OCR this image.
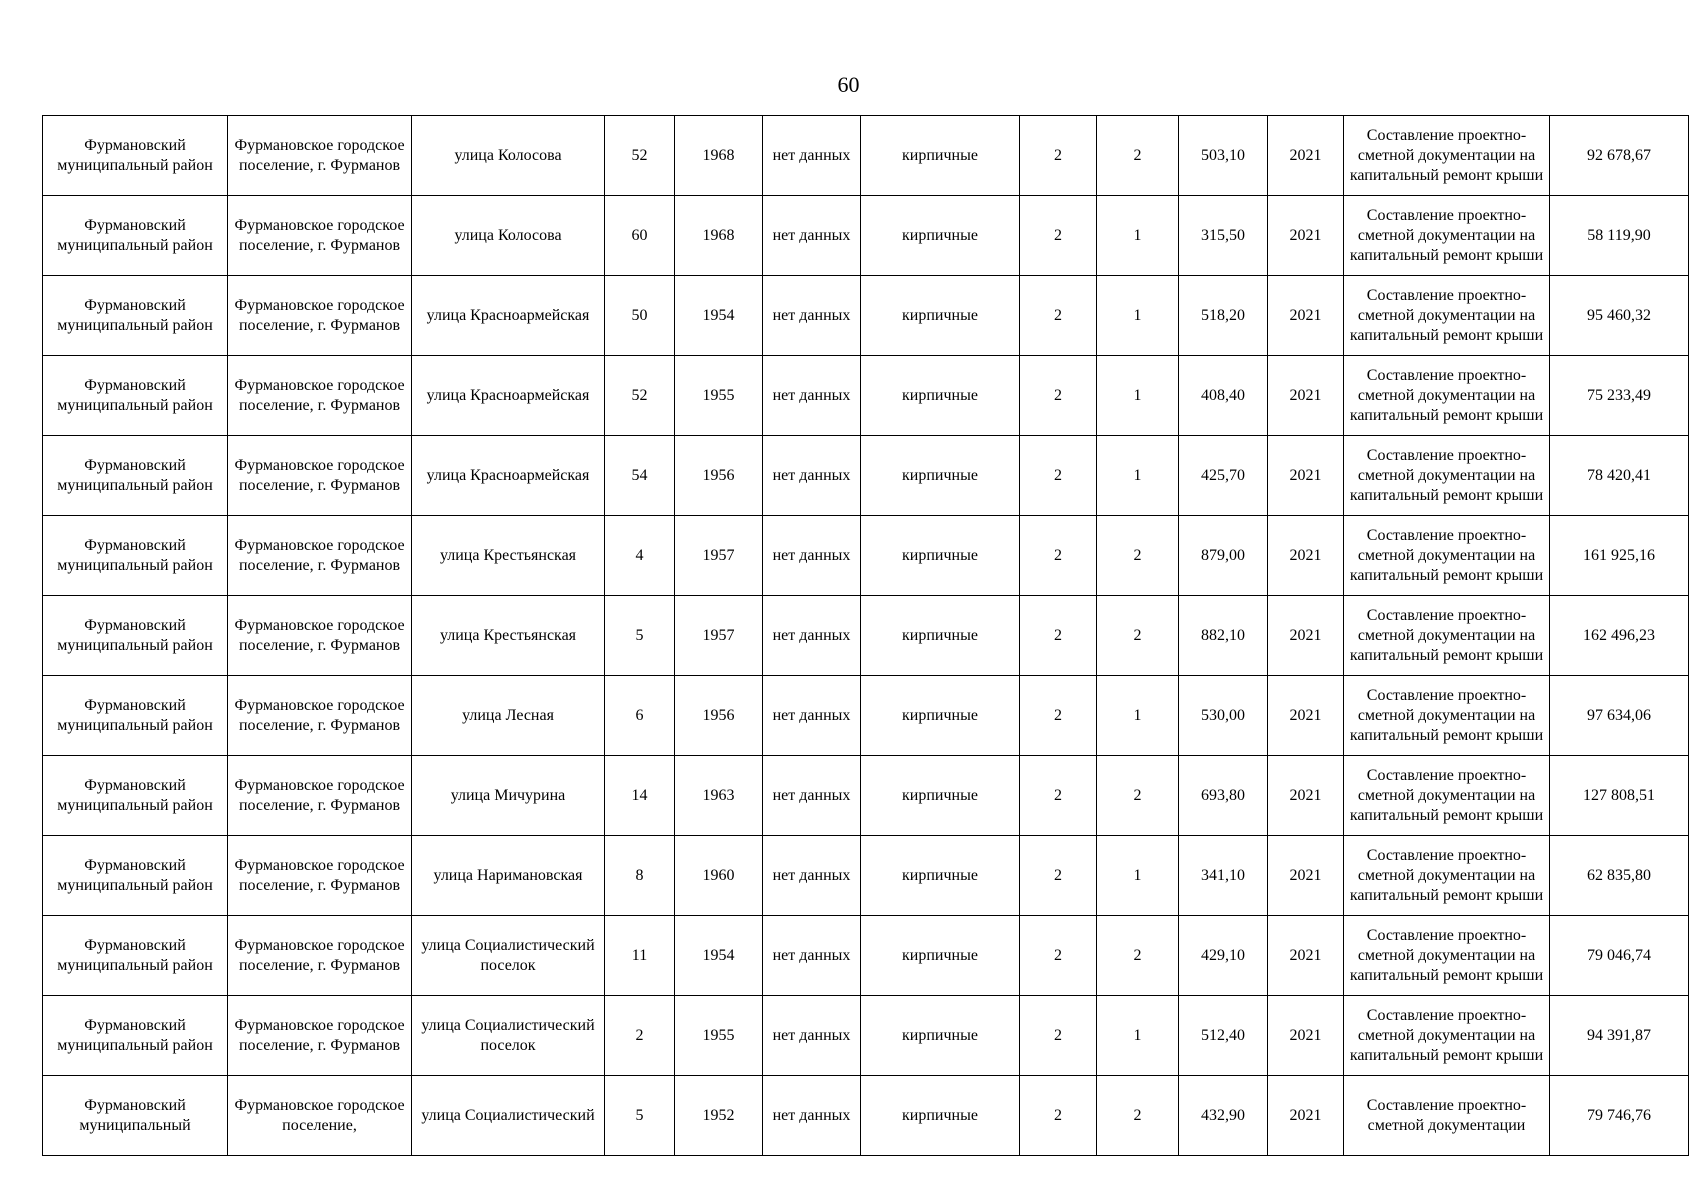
60
Фурмановский муниципальный район	Фурмановское городское поселение, г. Фурманов	улица Колосова	52	1968	нет данных	кирпичные	2	2	503,10	2021	Составление проектно-сметной документации на капитальный ремонт крыши	92 678,67
Фурмановский муниципальный район	Фурмановское городское поселение, г. Фурманов	улица Колосова	60	1968	нет данных	кирпичные	2	1	315,50	2021	Составление проектно-сметной документации на капитальный ремонт крыши	58 119,90
Фурмановский муниципальный район	Фурмановское городское поселение, г. Фурманов	улица Красноармейская	50	1954	нет данных	кирпичные	2	1	518,20	2021	Составление проектно-сметной документации на капитальный ремонт крыши	95 460,32
Фурмановский муниципальный район	Фурмановское городское поселение, г. Фурманов	улица Красноармейская	52	1955	нет данных	кирпичные	2	1	408,40	2021	Составление проектно-сметной документации на капитальный ремонт крыши	75 233,49
Фурмановский муниципальный район	Фурмановское городское поселение, г. Фурманов	улица Красноармейская	54	1956	нет данных	кирпичные	2	1	425,70	2021	Составление проектно-сметной документации на капитальный ремонт крыши	78 420,41
Фурмановский муниципальный район	Фурмановское городское поселение, г. Фурманов	улица Крестьянская	4	1957	нет данных	кирпичные	2	2	879,00	2021	Составление проектно-сметной документации на капитальный ремонт крыши	161 925,16
Фурмановский муниципальный район	Фурмановское городское поселение, г. Фурманов	улица Крестьянская	5	1957	нет данных	кирпичные	2	2	882,10	2021	Составление проектно-сметной документации на капитальный ремонт крыши	162 496,23
Фурмановский муниципальный район	Фурмановское городское поселение, г. Фурманов	улица Лесная	6	1956	нет данных	кирпичные	2	1	530,00	2021	Составление проектно-сметной документации на капитальный ремонт крыши	97 634,06
Фурмановский муниципальный район	Фурмановское городское поселение, г. Фурманов	улица Мичурина	14	1963	нет данных	кирпичные	2	2	693,80	2021	Составление проектно-сметной документации на капитальный ремонт крыши	127 808,51
Фурмановский муниципальный район	Фурмановское городское поселение, г. Фурманов	улица Наримановская	8	1960	нет данных	кирпичные	2	1	341,10	2021	Составление проектно-сметной документации на капитальный ремонт крыши	62 835,80
Фурмановский муниципальный район	Фурмановское городское поселение, г. Фурманов	улица Социалистический поселок	11	1954	нет данных	кирпичные	2	2	429,10	2021	Составление проектно-сметной документации на капитальный ремонт крыши	79 046,74
Фурмановский муниципальный район	Фурмановское городское поселение, г. Фурманов	улица Социалистический поселок	2	1955	нет данных	кирпичные	2	1	512,40	2021	Составление проектно-сметной документации на капитальный ремонт крыши	94 391,87
Фурмановский муниципальный	Фурмановское городское поселение,	улица Социалистический	5	1952	нет данных	кирпичные	2	2	432,90	2021	Составление проектно-сметной документации	79 746,76
